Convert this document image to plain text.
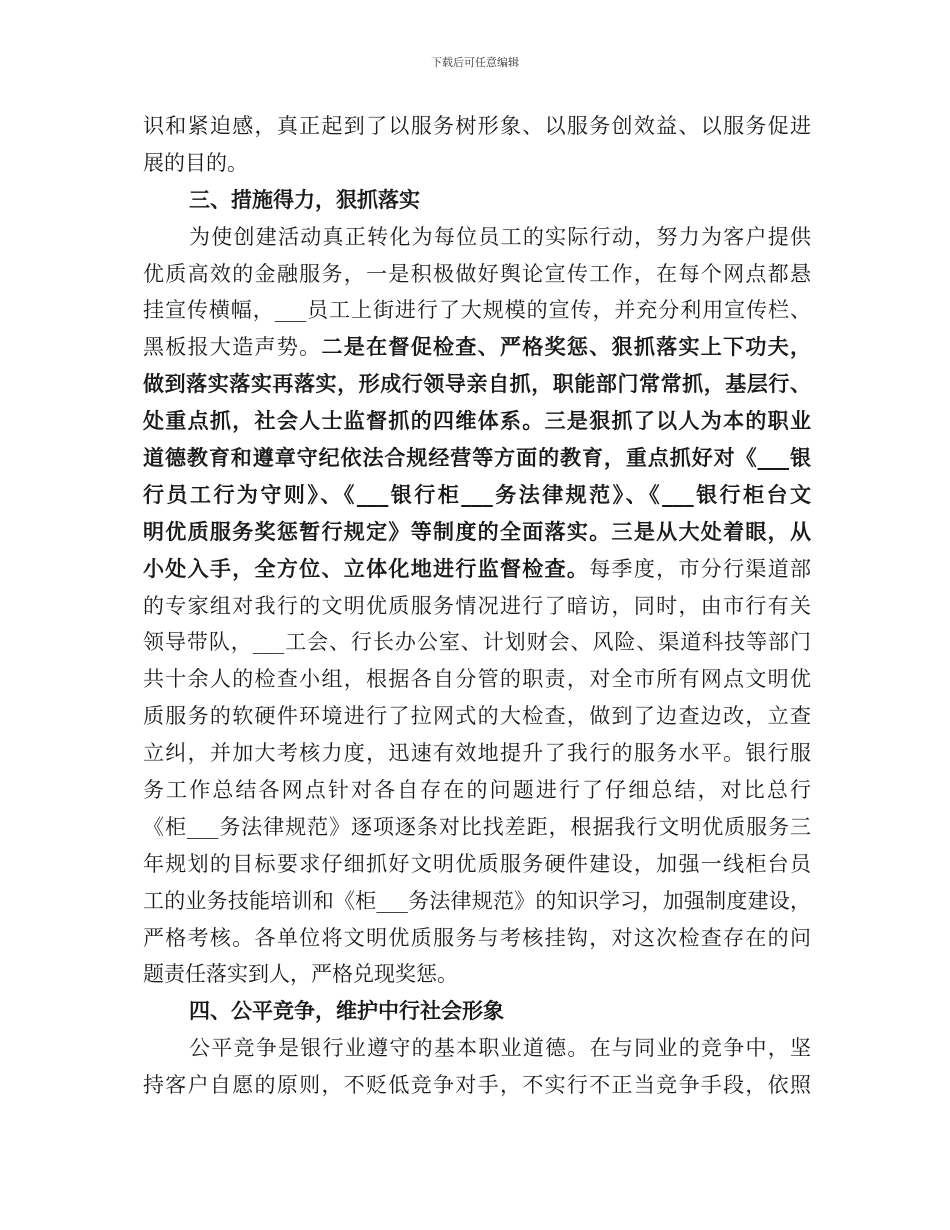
下载后可任意编辑
识和紧迫感，真正起到了以服务树形象、以服务创效益、以服务促进
展的目的。
三、措施得力，狠抓落实
为使创建活动真正转化为每位员工的实际行动，努力为客户提供
优质高效的金融服务，一是积极做好舆论宣传工作，在每个网点都悬
挂宣传横幅，___员工上街进行了大规模的宣传，并充分利用宣传栏、
黑板报大造声势。二是在督促检查、严格奖惩、狠抓落实上下功夫，
做到落实落实再落实，形成行领导亲自抓，职能部门常常抓，基层行、
处重点抓，社会人士监督抓的四维体系。三是狠抓了以人为本的职业
道德教育和遵章守纪依法合规经营等方面的教育，重点抓好对《___银
行员工行为守则》、《___银行柜___务法律规范》、《___银行柜台文
明优质服务奖惩暂行规定》等制度的全面落实。三是从大处着眼，从
小处入手，全方位、立体化地进行监督检查。每季度，市分行渠道部
的专家组对我行的文明优质服务情况进行了暗访，同时，由市行有关
领导带队，___工会、行长办公室、计划财会、风险、渠道科技等部门
共十余人的检查小组，根据各自分管的职责，对全市所有网点文明优
质服务的软硬件环境进行了拉网式的大检查，做到了边查边改，立查
立纠，并加大考核力度，迅速有效地提升了我行的服务水平。银行服
务工作总结各网点针对各自存在的问题进行了仔细总结，对比总行
《柜___务法律规范》逐项逐条对比找差距，根据我行文明优质服务三
年规划的目标要求仔细抓好文明优质服务硬件建设，加强一线柜台员
工的业务技能培训和《柜___务法律规范》的知识学习，加强制度建设，
严格考核。各单位将文明优质服务与考核挂钩，对这次检查存在的问
题责任落实到人，严格兑现奖惩。
四、公平竞争，维护中行社会形象
公平竞争是银行业遵守的基本职业道德。在与同业的竞争中，坚
持客户自愿的原则，不贬低竞争对手，不实行不正当竞争手段，依照
